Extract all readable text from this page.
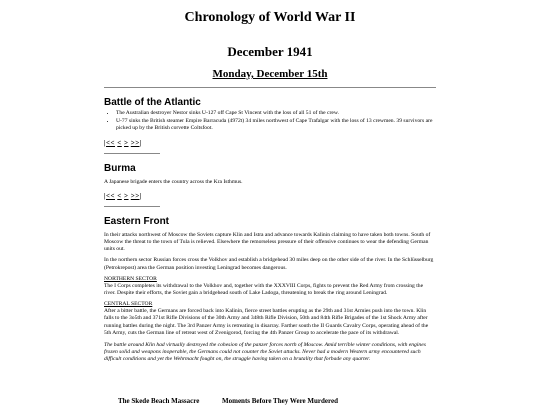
Chronology of World War II
December 1941
Monday, December 15th
Battle of the Atlantic
• The Australian destroyer Nestor sinks U-127 off Cape St Vincent with the loss of all 51 of the crew.
• U-77 sinks the British steamer Empire Barracuda (4972t) 34 miles northwest of Cape Trafalgar with the loss of 13 crewmen. 39 survivors are picked up by the British corvette Coltsfoot.
|<< < > >>|
Burma

A Japanese brigade enters the country across the Kra Isthmus.

|<< < > >>|
Eastern Front

In their attacks northwest of Moscow the Soviets capture Klin and Istra and advance towards Kalinin claiming to have taken both towns. South of Moscow the threat to the town of Tula is relieved. Elsewhere the remorseless pressure of their offensive continues to wear the defending German units out.

In the northern sector Russian forces cross the Volkhov and establish a bridgehead 30 miles deep on the other side of the river. In the Schlüsselburg (Petrokrepost) area the German position investing Leningrad becomes dangerous.

NORTHERN SECTOR

The I Corps completes its withdrawal to the Volkhov and, together with the XXXVIII Corps, fights to prevent the Red Army from crossing the river. Despite their efforts, the Soviet gain a bridgehead south of Lake Ladoga, threatening to break the ring around Leningrad.

CENTRAL SECTOR

After a bitter battle, the Germans are forced back into Kalinin, fierce street battles erupting as the 29th and 31st Armies push into the town. Klin falls to the 3o5th and 371st Rifle Divisions of the 30th Army and 348th Rifle Division, 50th and 84th Rifle Brigades of the 1st Shock Army after running battles during the night. The 3rd Panzer Army is retreating in disarray. Farther south the II Guards Cavalry Corps, operating ahead of the 5th Army, cuts the German line of retreat west of Zvenigorod, forcing the 4th Panzer Group to accelerate the pace of its withdrawal.

The battle around Klin had virtually destroyed the cohesion of the panzer forces north of Moscow. Amid terrible winter conditions, with engines frozen solid and weapons inoperable, the Germans could not counter the Soviet attacks. Never had a modern Western army encountered such difficult conditions and yet the Wehrmacht fought on, the struggle having taken on a brutality that forbade any quarter.

The Skede Beach Massacre	Moments Before They Were Murdered
